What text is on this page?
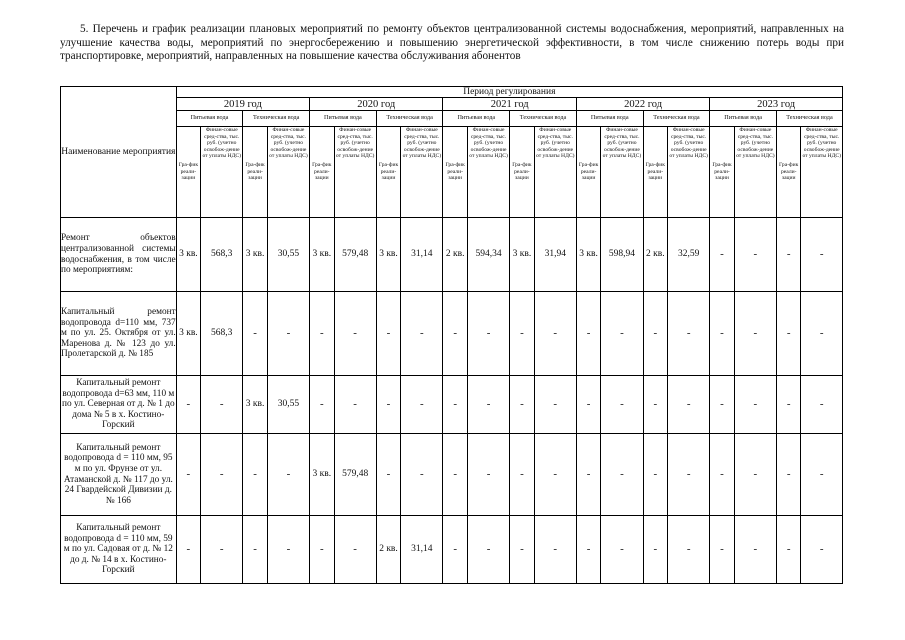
5. Перечень и график реализации плановых мероприятий по ремонту объектов централизованной системы водоснабжения, мероприятий, направленных на улучшение качества воды, мероприятий по энергосбережению и повышению энергетической эффективности, в том числе снижению потерь воды при транспортировке, мероприятий, направленных на повышение качества обслуживания абонентов

Наименование мероприятия	Период регулирования																			
	2019 год				2020 год				2021 год				2022 год				2023 год			
	Питьевая вода		Техническая вода		Питьевая вода		Техническая вода		Питьевая вода		Техническая вода		Питьевая вода		Техническая вода		Питьевая вода		Техническая вода	
	Гра-фик реали-зации	Финан-совые сред-ства, тыс. руб. (учетно освобож-дение от уплаты НДС)	Гра-фик реали-зации	Финан-совые сред-ства, тыс. руб. (учетно освобож-дение от уплаты НДС)	Гра-фик реали-зации	Финан-совые сред-ства, тыс. руб. (учетно освобож-дение от уплаты НДС)	Гра-фик реали-зации	Финан-совые сред-ства, тыс. руб. (учетно освобож-дение от уплаты НДС)	Гра-фик реали-зации	Финан-совые сред-ства, тыс. руб. (учетно освобож-дение от уплаты НДС)	Гра-фик реали-зации	Финан-совые сред-ства, тыс. руб. (учетно освобож-дение от уплаты НДС)	Гра-фик реали-зации	Финан-совые сред-ства, тыс. руб. (учетно освобож-дение от уплаты НДС)	Гра-фик реали-зации	Финан-совые сред-ства, тыс. руб. (учетно освобож-дение от уплаты НДС)	Гра-фик реали-зации	Финан-совые сред-ства, тыс. руб. (учетно освобож-дение от уплаты НДС)	Гра-фик реали-зации	Финан-совые сред-ства, тыс. руб. (учетно освобож-дение от уплаты НДС)
Ремонт объектов централизованной системы водоснабжения, в том числе по мероприятиям:	3 кв.	568,3	3 кв.	30,55	3 кв.	579,48	3 кв.	31,14	2 кв.	594,34	3 кв.	31,94	3 кв.	598,94	2 кв.	32,59	-	-	-	-
Капитальный ремонт водопровода d=110 мм, 737 м по ул. 25. Октября от ул. Маренова д. № 123 до ул. Пролетарской д. № 185	3 кв.	568,3	-	-	-	-	-	-	-	-	-	-	-	-	-	-	-	-	-	-
Капитальный ремонт водопровода d=63 мм, 110 м по ул. Северная от д. № 1 до дома № 5 в х. Костино-Горский	-	-	3 кв.	30,55	-	-	-	-	-	-	-	-	-	-	-	-	-	-	-	-
Капитальный ремонт водопровода d = 110 мм, 95 м по ул. Фрунзе от ул. Атаманской д. № 117 до ул. 24 Гвардейской Дивизии д. № 166	-	-	-	-	3 кв.	579,48	-	-	-	-	-	-	-	-	-	-	-	-	-	-
Капитальный ремонт водопровода d = 110 мм, 59 м по ул. Садовая от д. № 12 до д. № 14 в х. Костино-Горский	-	-	-	-	-	-	2 кв.	31,14	-	-	-	-	-	-	-	-	-	-	-	-
